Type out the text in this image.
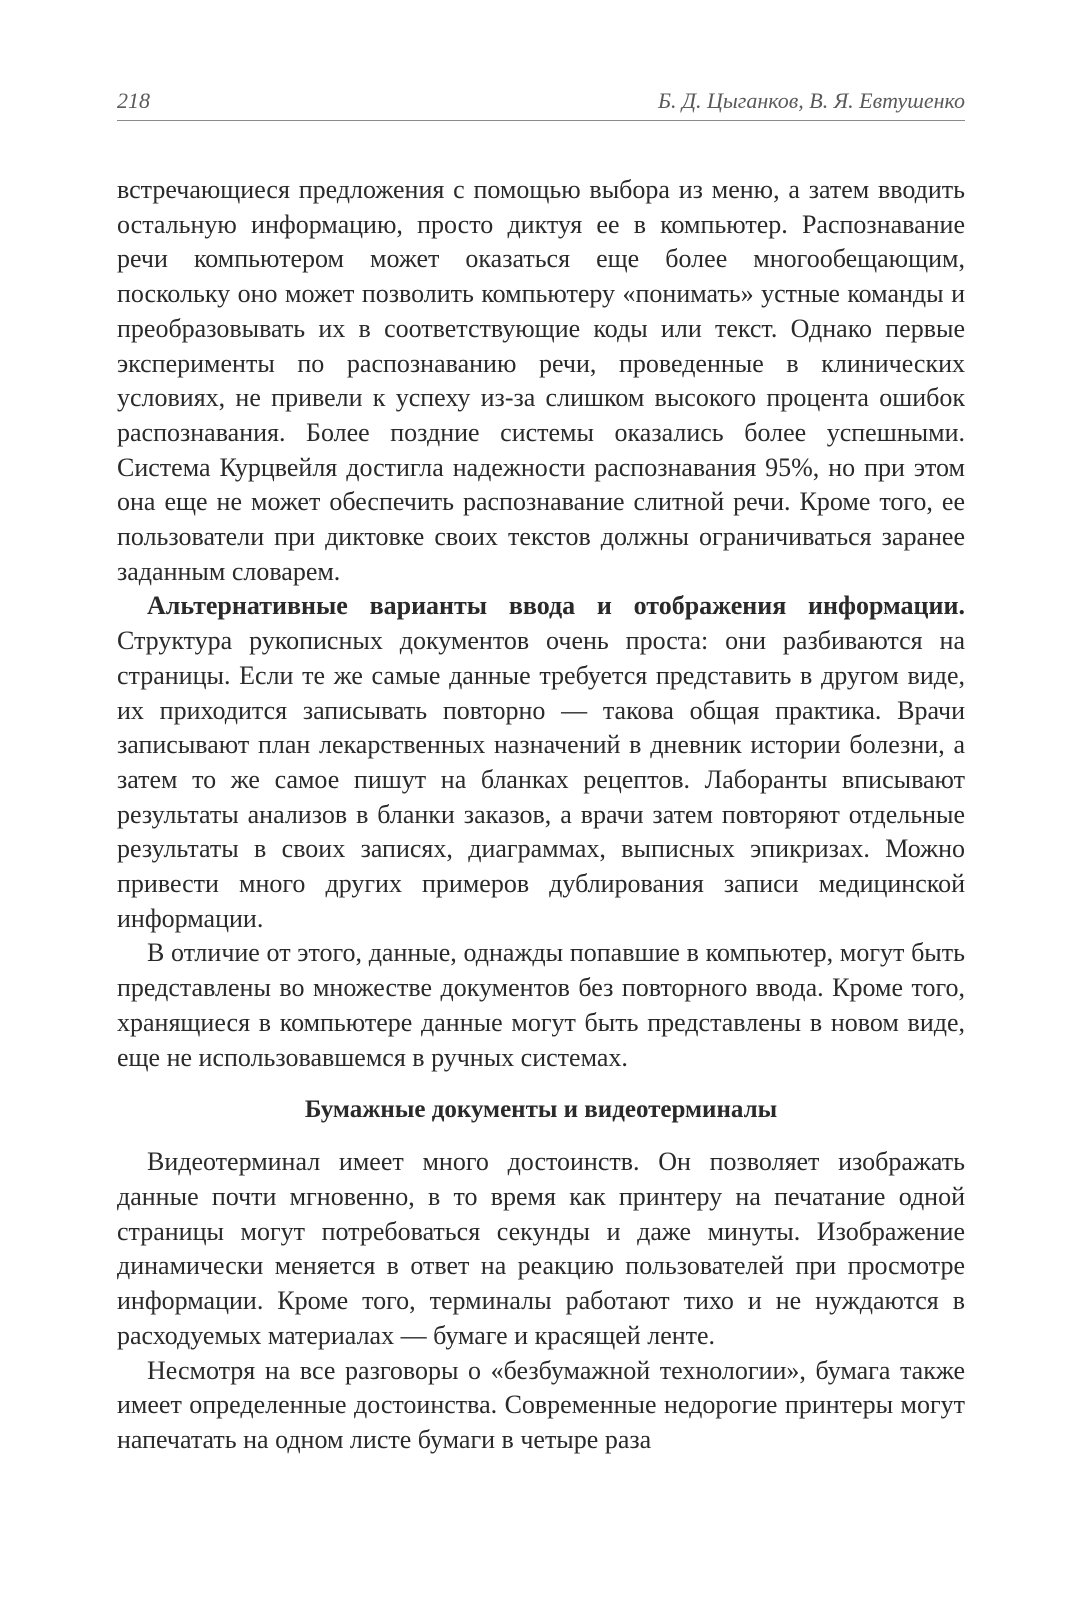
218	Б. Д. Цыганков, В. Я. Евтушенко

встречающиеся предложения с помощью выбора из меню, а затем вводить остальную информацию, просто диктуя ее в компьютер. Распознавание речи компьютером может оказаться еще более многообещающим, поскольку оно может позволить компьютеру «понимать» устные команды и преобразовывать их в соответствующие коды или текст. Однако первые эксперименты по распознаванию речи, проведенные в клинических условиях, не привели к успеху из-за слишком высокого процента ошибок распознавания. Более поздние системы оказались более успешными. Система Курцвейля достигла надежности распознавания 95%, но при этом она еще не может обеспечить распознавание слитной речи. Кроме того, ее пользователи при диктовке своих текстов должны ограничиваться заранее заданным словарем.

Альтернативные варианты ввода и отображения информации. Структура рукописных документов очень проста: они разбиваются на страницы. Если те же самые данные требуется представить в другом виде, их приходится записывать повторно — такова общая практика. Врачи записывают план лекарственных назначений в дневник истории болезни, а затем то же самое пишут на бланках рецептов. Лаборанты вписывают результаты анализов в бланки заказов, а врачи затем повторяют отдельные результаты в своих записях, диаграммах, выписных эпикризах. Можно привести много других примеров дублирования записи медицинской информации.

В отличие от этого, данные, однажды попавшие в компьютер, могут быть представлены во множестве документов без повторного ввода. Кроме того, хранящиеся в компьютере данные могут быть представлены в новом виде, еще не использовавшемся в ручных системах.

Бумажные документы и видеотерминалы

Видеотерминал имеет много достоинств. Он позволяет изображать данные почти мгновенно, в то время как принтеру на печатание одной страницы могут потребоваться секунды и даже минуты. Изображение динамически меняется в ответ на реакцию пользователей при просмотре информации. Кроме того, терминалы работают тихо и не нуждаются в расходуемых материалах — бумаге и красящей ленте.

Несмотря на все разговоры о «безбумажной технологии», бумага также имеет определенные достоинства. Современные недорогие принтеры могут напечатать на одном листе бумаги в четыре раза
